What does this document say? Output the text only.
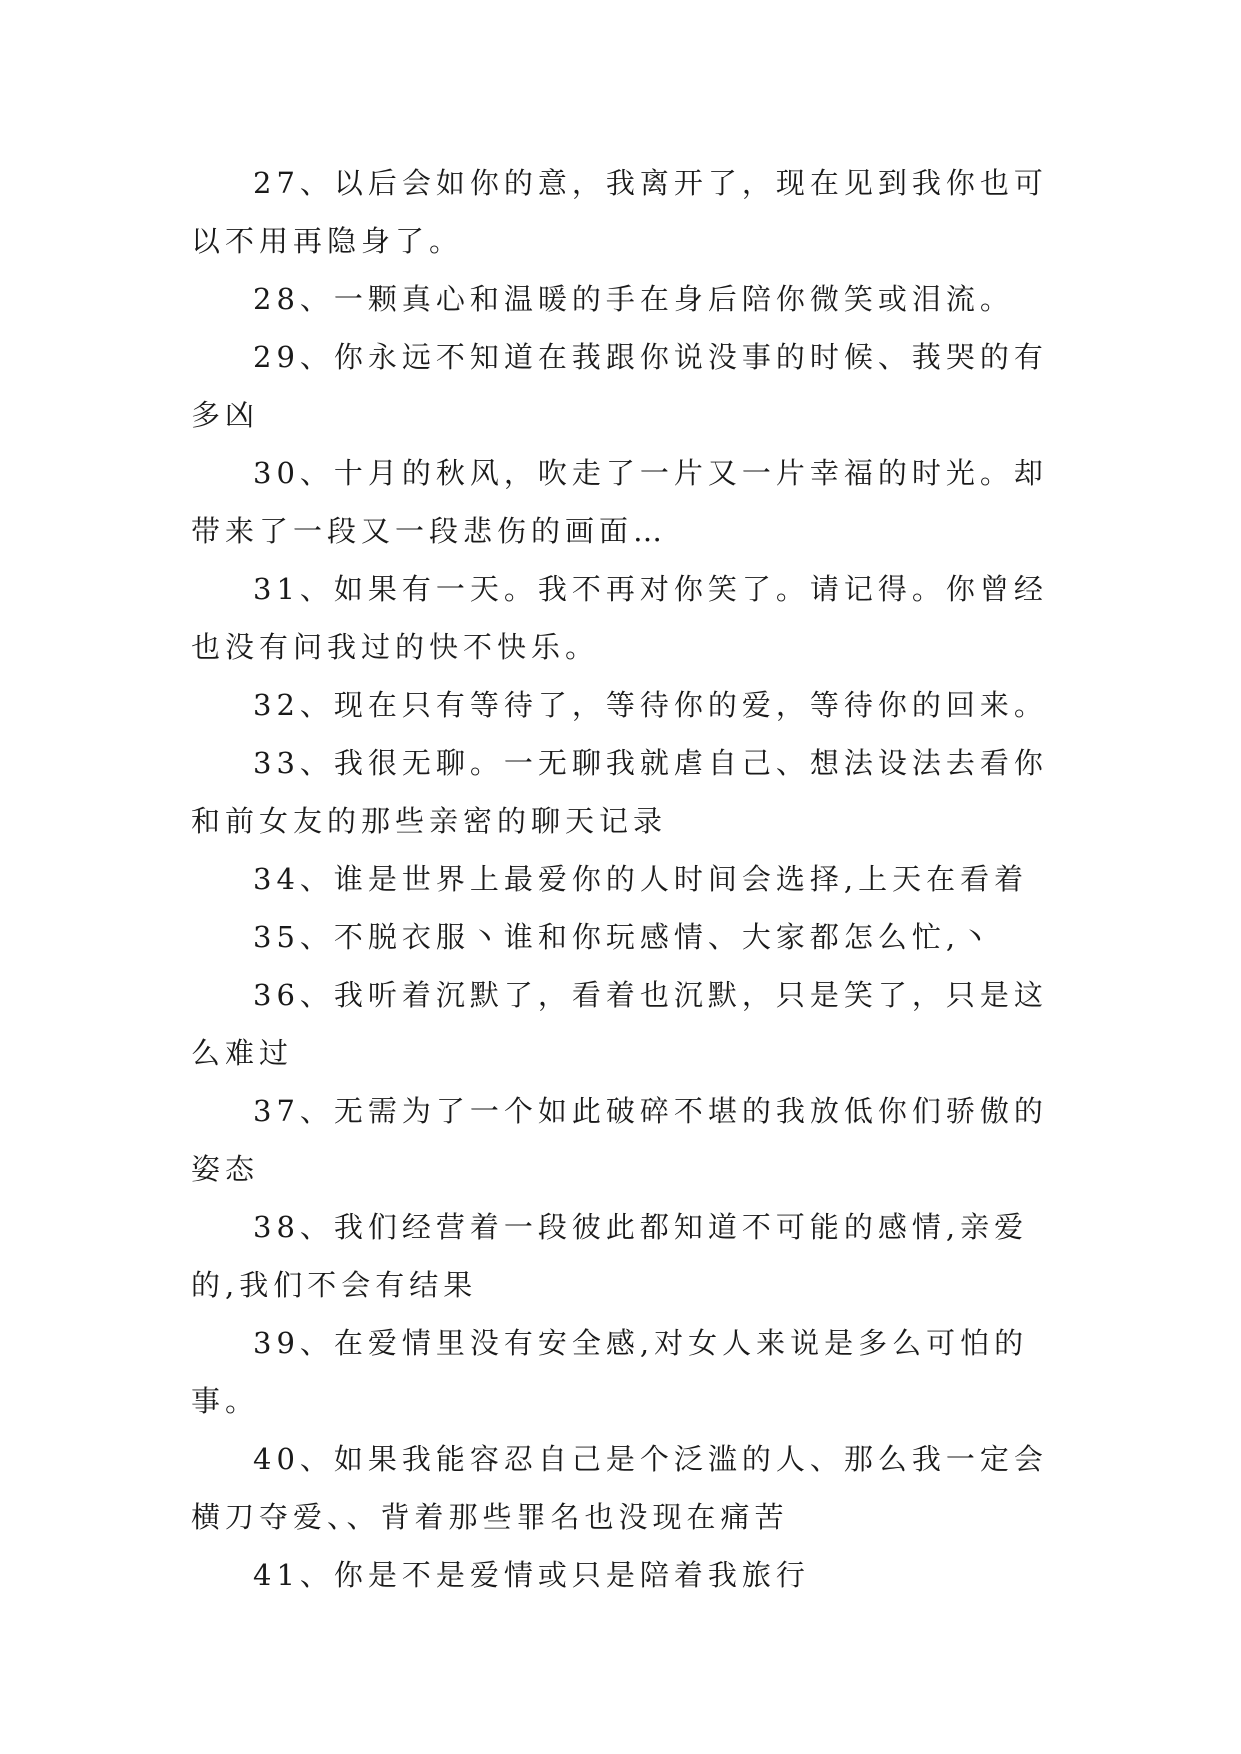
27、以后会如你的意，我离开了，现在见到我你也可以不用再隐身了。

28、一颗真心和温暖的手在身后陪你微笑或泪流。

29、你永远不知道在莪跟你说没事的时候、莪哭的有多凶

30、十月的秋风，吹走了一片又一片幸福的时光。却带来了一段又一段悲伤的画面…

31、如果有一天。我不再对你笑了。请记得。你曾经也没有问我过的快不快乐。

32、现在只有等待了，等待你的爱，等待你的回来。

33、我很无聊。一无聊我就虐自己、想法设法去看你和前女友的那些亲密的聊天记录

34、谁是世界上最爱你的人时间会选择,上天在看着

35、不脱衣服丶谁和你玩感情、大家都怎么忙,丶

36、我听着沉默了，看着也沉默，只是笑了，只是这么难过

37、无需为了一个如此破碎不堪的我放低你们骄傲的姿态

38、我们经营着一段彼此都知道不可能的感情,亲爱的,我们不会有结果

39、在爱情里没有安全感,对女人来说是多么可怕的事。

40、如果我能容忍自己是个泛滥的人、那么我一定会横刀夺爱、、背着那些罪名也没现在痛苦

41、你是不是爱情或只是陪着我旅行
